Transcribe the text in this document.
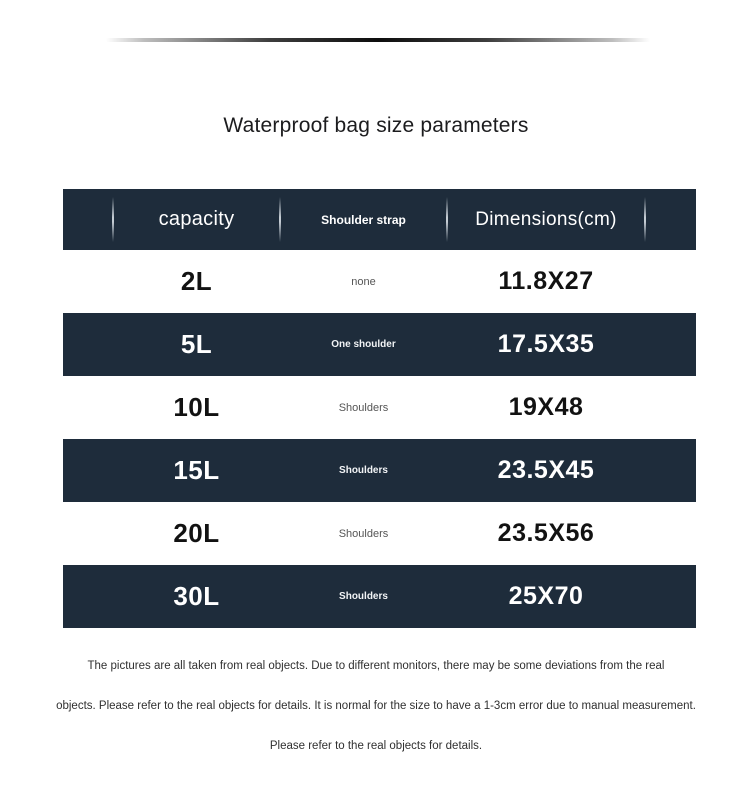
Waterproof bag size parameters
capacity	Shoulder strap	Dimensions(cm)
2L	none	11.8X27
5L	One shoulder	17.5X35
10L	Shoulders	19X48
15L	Shoulders	23.5X45
20L	Shoulders	23.5X56
30L	Shoulders	25X70
The pictures are all taken from real objects. Due to different monitors, there may be some deviations from the real
objects. Please refer to the real objects for details. It is normal for the size to have a 1-3cm error due to manual measurement.
Please refer to the real objects for details.
